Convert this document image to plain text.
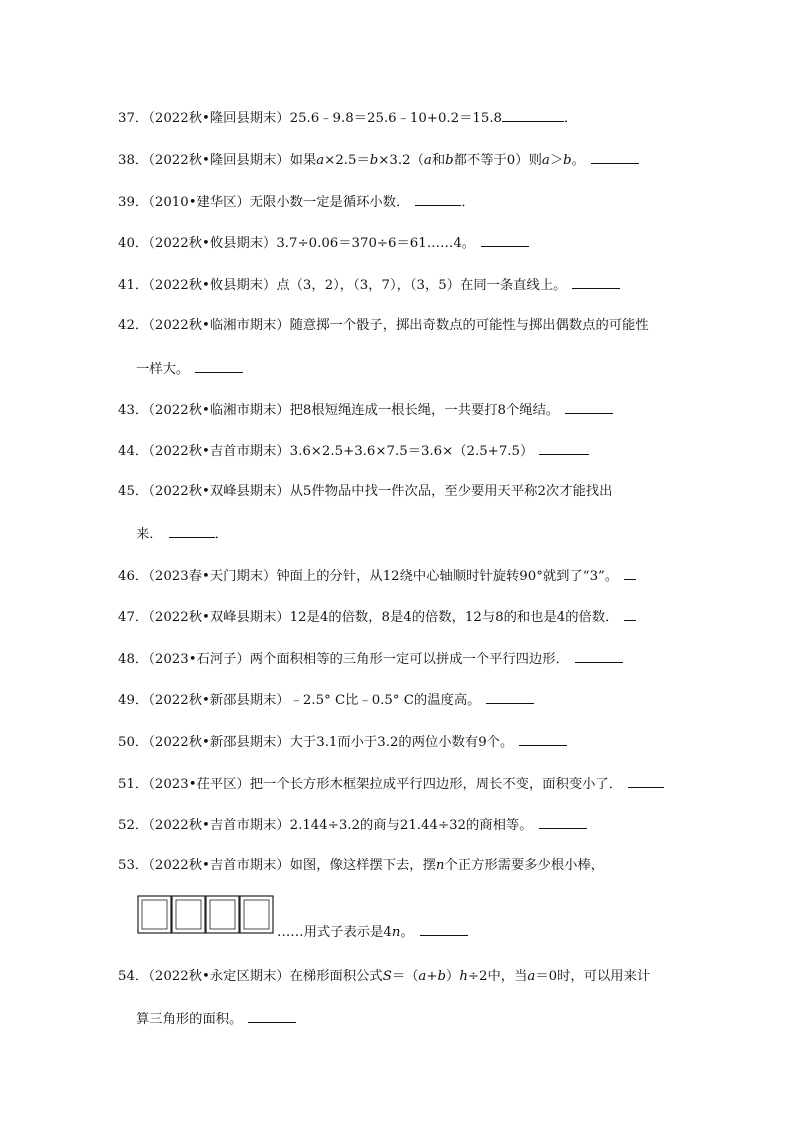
37．（2022秋•隆回县期末）25.6﹣9.8＝25.6﹣10+0.2＝15.8	．
38．（2022秋•隆回县期末）如果a×2.5＝b×3.2（a和b都不等于0）则a＞b。
39．（2010•建华区）无限小数一定是循环小数．	．
40．（2022秋•攸县期末）3.7÷0.06＝370÷6＝61……4。
41．（2022秋•攸县期末）点（3，2），（3，7），（3，5）在同一条直线上。
42．（2022秋•临湘市期末）随意掷一个骰子，掷出奇数点的可能性与掷出偶数点的可能性
一样大。
43．（2022秋•临湘市期末）把8根短绳连成一根长绳，一共要打8个绳结。
44．（2022秋•吉首市期末）3.6×2.5+3.6×7.5＝3.6×（2.5+7.5）
45．（2022秋•双峰县期末）从5件物品中找一件次品，至少要用天平称2次才能找出
来．	．
46．（2023春•天门期末）钟面上的分针，从12绕中心轴顺时针旋转90°就到了“3”。
47．（2022秋•双峰县期末）12是4的倍数，8是4的倍数，12与8的和也是4的倍数．
48．（2023•石河子）两个面积相等的三角形一定可以拼成一个平行四边形．
49．（2022秋•新邵县期末）﹣2.5° C比﹣0.5° C的温度高。
50．（2022秋•新邵县期末）大于3.1而小于3.2的两位小数有9个。
51．（2023•茌平区）把一个长方形木框架拉成平行四边形，周长不变，面积变小了．
52．（2022秋•吉首市期末）2.144÷3.2的商与21.44÷32的商相等。
53．（2022秋•吉首市期末）如图，像这样摆下去，摆n个正方形需要多少根小棒，
……用式子表示是4n。
54．（2022秋•永定区期末）在梯形面积公式S＝（a+b）h÷2中，当a＝0时，可以用来计
算三角形的面积。
